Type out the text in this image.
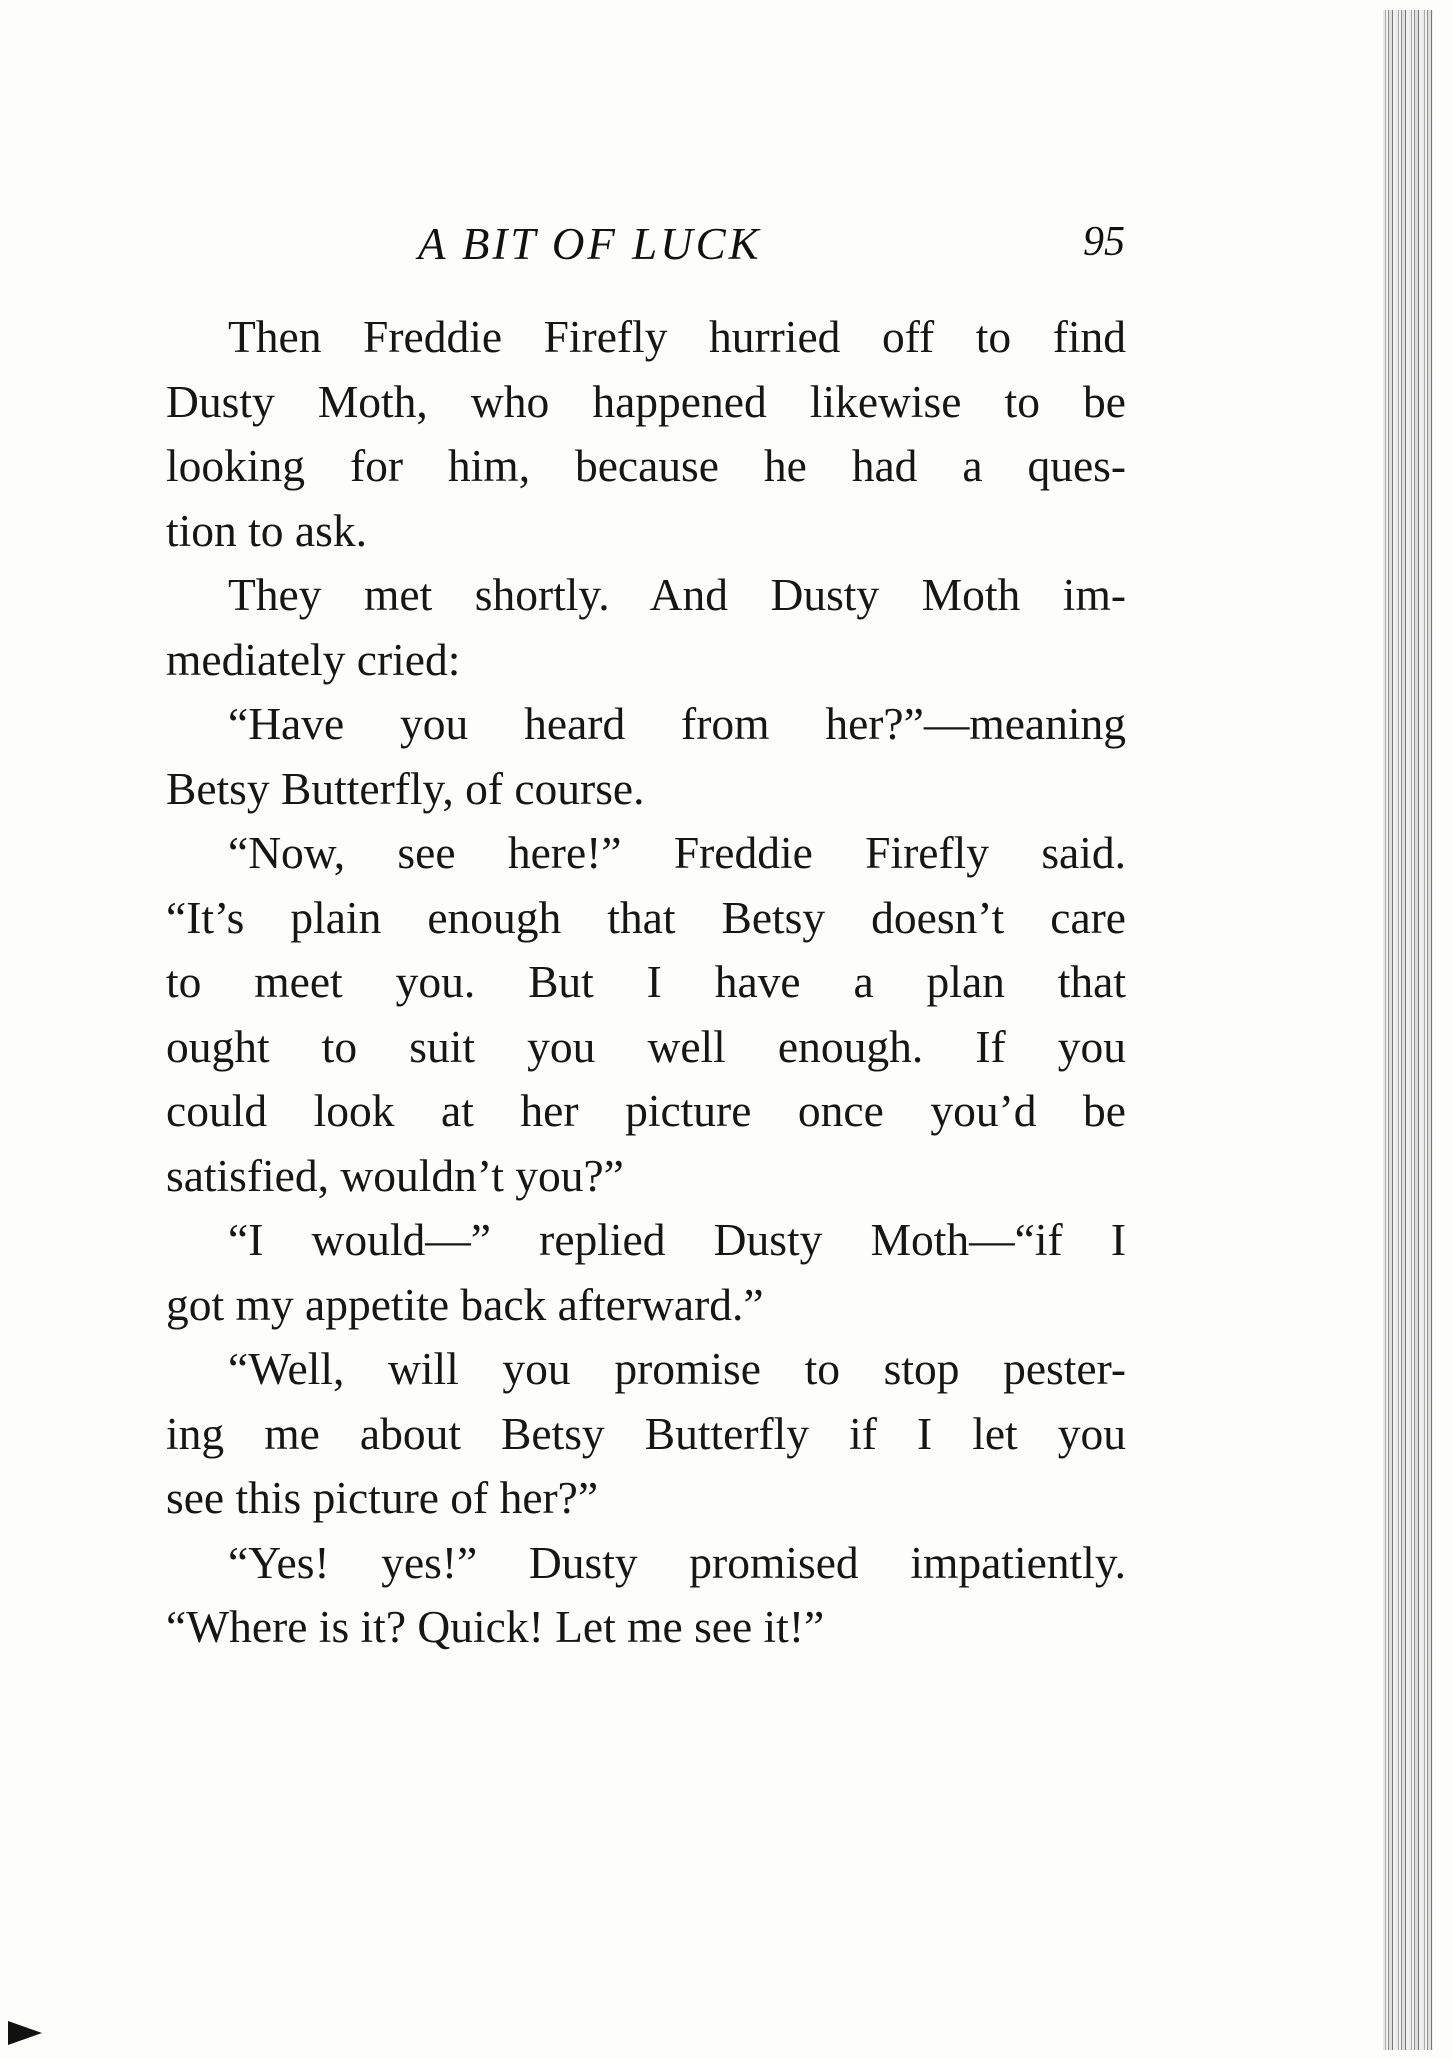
A BIT OF LUCK	95

Then Freddie Firefly hurried off to find
Dusty Moth, who happened likewise to be
looking for him, because he had a ques-
tion to ask.

They met shortly. And Dusty Moth im-
mediately cried:

“Have you heard from her?”—meaning
Betsy Butterfly, of course.

“Now, see here!” Freddie Firefly said.
“It’s plain enough that Betsy doesn’t care
to meet you. But I have a plan that
ought to suit you well enough. If you
could look at her picture once you’d be
satisfied, wouldn’t you?”

“I would—” replied Dusty Moth—“if I
got my appetite back afterward.”

“Well, will you promise to stop pester-
ing me about Betsy Butterfly if I let you
see this picture of her?”

“Yes! yes!” Dusty promised impatiently.
“Where is it? Quick! Let me see it!”
